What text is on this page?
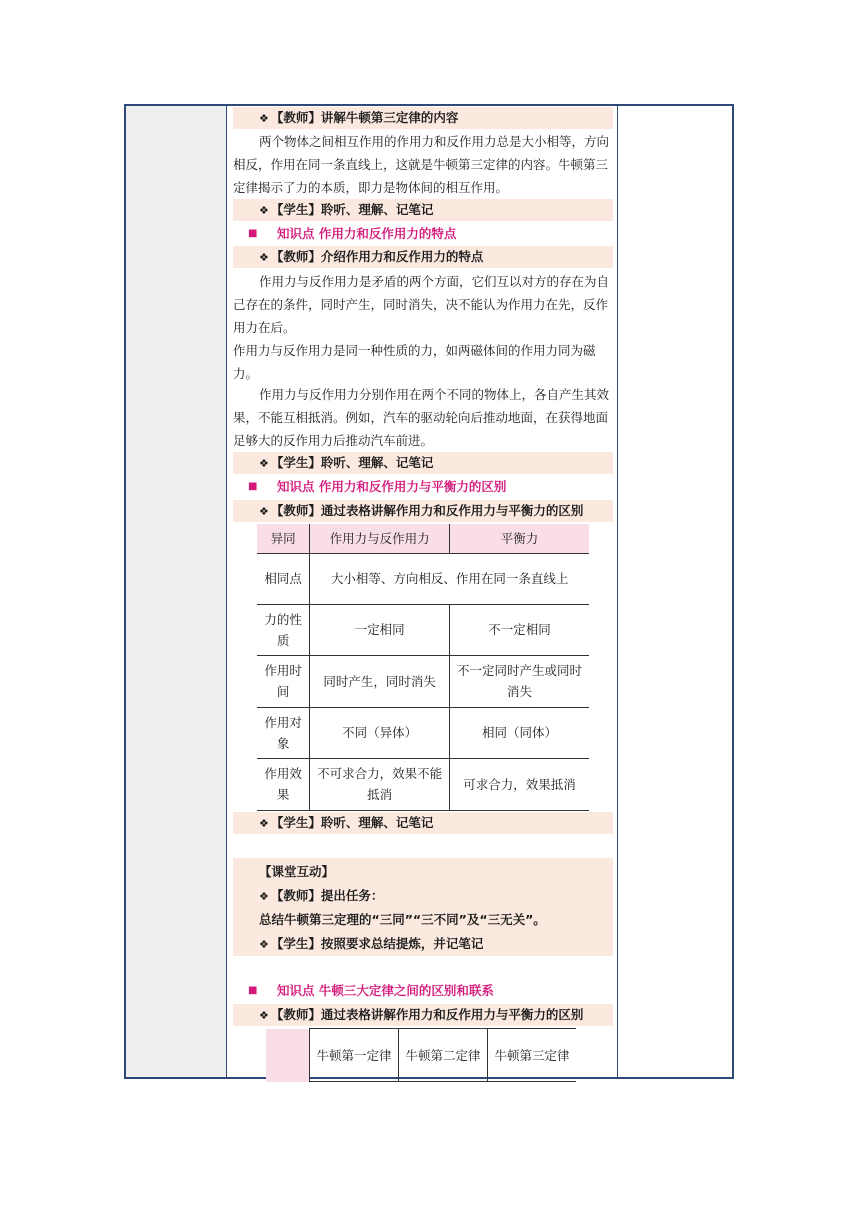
❖ 【教师】讲解牛顿第三定律的内容
两个物体之间相互作用的作用力和反作用力总是大小相等，方向相反，作用在同一条直线上，这就是牛顿第三定律的内容。牛顿第三定律揭示了力的本质，即力是物体间的相互作用。
❖ 【学生】聆听、理解、记笔记
■ 知识点 作用力和反作用力的特点
❖ 【教师】介绍作用力和反作用力的特点
作用力与反作用力是矛盾的两个方面，它们互以对方的存在为自己存在的条件，同时产生，同时消失，决不能认为作用力在先，反作用力在后。
作用力与反作用力是同一种性质的力，如两磁体间的作用力同为磁力。
作用力与反作用力分别作用在两个不同的物体上，各自产生其效果，不能互相抵消。例如，汽车的驱动轮向后推动地面，在获得地面足够大的反作用力后推动汽车前进。
❖ 【学生】聆听、理解、记笔记
■ 知识点 作用力和反作用力与平衡力的区别
❖ 【教师】通过表格讲解作用力和反作用力与平衡力的区别
异同	作用力与反作用力	平衡力
相同点	大小相等、方向相反、作用在同一条直线上	
力的性质	一定相同	不一定相同
作用时间	同时产生，同时消失	不一定同时产生或同时消失
作用对象	不同（异体）	相同（同体）
作用效果	不可求合力，效果不能抵消	可求合力，效果抵消
❖ 【学生】聆听、理解、记笔记
【课堂互动】
❖ 【教师】提出任务：
总结牛顿第三定理的“三同”“三不同”及“三无关”。
❖ 【学生】按照要求总结提炼，并记笔记
■ 知识点 牛顿三大定律之间的区别和联系
❖ 【教师】通过表格讲解作用力和反作用力与平衡力的区别
	牛顿第一定律	牛顿第二定律	牛顿第三定律
